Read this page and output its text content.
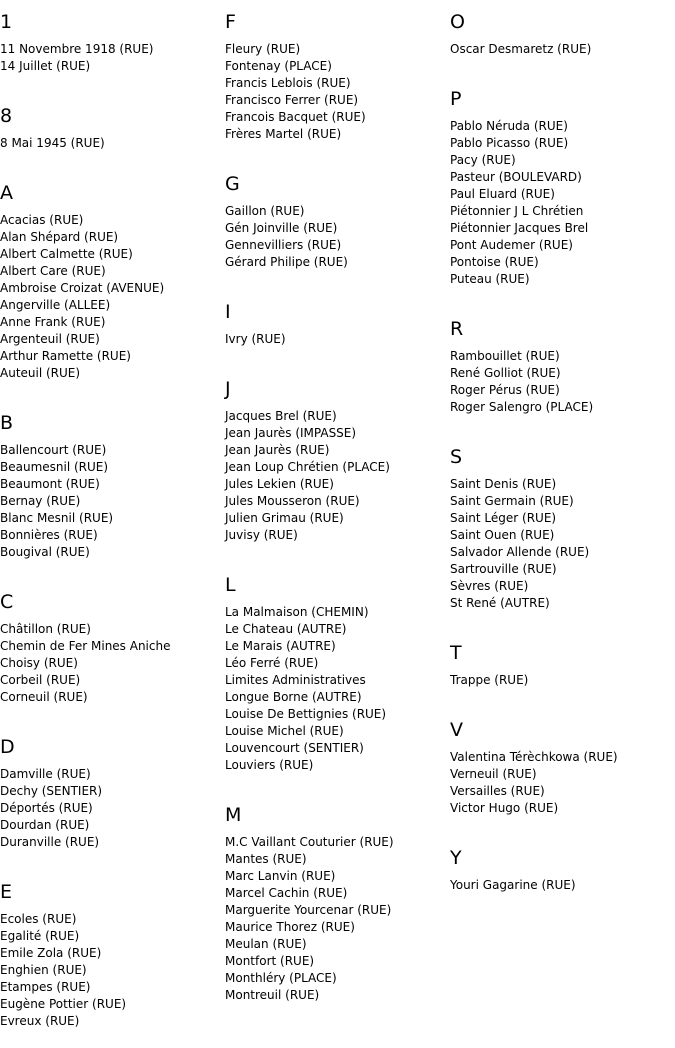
1
11 Novembre 1918 (RUE)
14 Juillet (RUE)
8
8 Mai 1945 (RUE)
A
Acacias (RUE)
Alan Shépard (RUE)
Albert Calmette (RUE)
Albert Care (RUE)
Ambroise Croizat (AVENUE)
Angerville (ALLEE)
Anne Frank (RUE)
Argenteuil (RUE)
Arthur Ramette (RUE)
Auteuil (RUE)
B
Ballencourt (RUE)
Beaumesnil (RUE)
Beaumont (RUE)
Bernay (RUE)
Blanc Mesnil (RUE)
Bonnières (RUE)
Bougival (RUE)
C
Châtillon (RUE)
Chemin de Fer Mines Aniche
Choisy (RUE)
Corbeil (RUE)
Corneuil (RUE)
D
Damville (RUE)
Dechy (SENTIER)
Déportés (RUE)
Dourdan (RUE)
Duranville (RUE)
E
Ecoles (RUE)
Egalité (RUE)
Emile Zola (RUE)
Enghien (RUE)
Etampes (RUE)
Eugène Pottier (RUE)
Evreux (RUE)
F
Fleury (RUE)
Fontenay (PLACE)
Francis Leblois (RUE)
Francisco Ferrer (RUE)
Francois Bacquet (RUE)
Frères Martel (RUE)
G
Gaillon (RUE)
Gén Joinville (RUE)
Gennevilliers (RUE)
Gérard Philipe (RUE)
I
Ivry (RUE)
J
Jacques Brel (RUE)
Jean Jaurès (IMPASSE)
Jean Jaurès (RUE)
Jean Loup Chrétien (PLACE)
Jules Lekien (RUE)
Jules Mousseron (RUE)
Julien Grimau (RUE)
Juvisy (RUE)
L
La Malmaison (CHEMIN)
Le Chateau (AUTRE)
Le Marais (AUTRE)
Léo Ferré (RUE)
Limites Administratives
Longue Borne (AUTRE)
Louise De Bettignies (RUE)
Louise Michel (RUE)
Louvencourt (SENTIER)
Louviers (RUE)
M
M.C Vaillant Couturier (RUE)
Mantes (RUE)
Marc Lanvin (RUE)
Marcel Cachin (RUE)
Marguerite Yourcenar (RUE)
Maurice Thorez (RUE)
Meulan (RUE)
Montfort (RUE)
Monthléry (PLACE)
Montreuil (RUE)
O
Oscar Desmaretz (RUE)
P
Pablo Néruda (RUE)
Pablo Picasso (RUE)
Pacy (RUE)
Pasteur (BOULEVARD)
Paul Eluard (RUE)
Piétonnier J L Chrétien
Piétonnier Jacques Brel
Pont Audemer (RUE)
Pontoise (RUE)
Puteau (RUE)
R
Rambouillet (RUE)
René Golliot (RUE)
Roger Pérus (RUE)
Roger Salengro (PLACE)
S
Saint Denis (RUE)
Saint Germain (RUE)
Saint Léger (RUE)
Saint Ouen (RUE)
Salvador Allende (RUE)
Sartrouville (RUE)
Sèvres (RUE)
St René (AUTRE)
T
Trappe (RUE)
V
Valentina Térèchkowa (RUE)
Verneuil (RUE)
Versailles (RUE)
Victor Hugo (RUE)
Y
Youri Gagarine (RUE)
